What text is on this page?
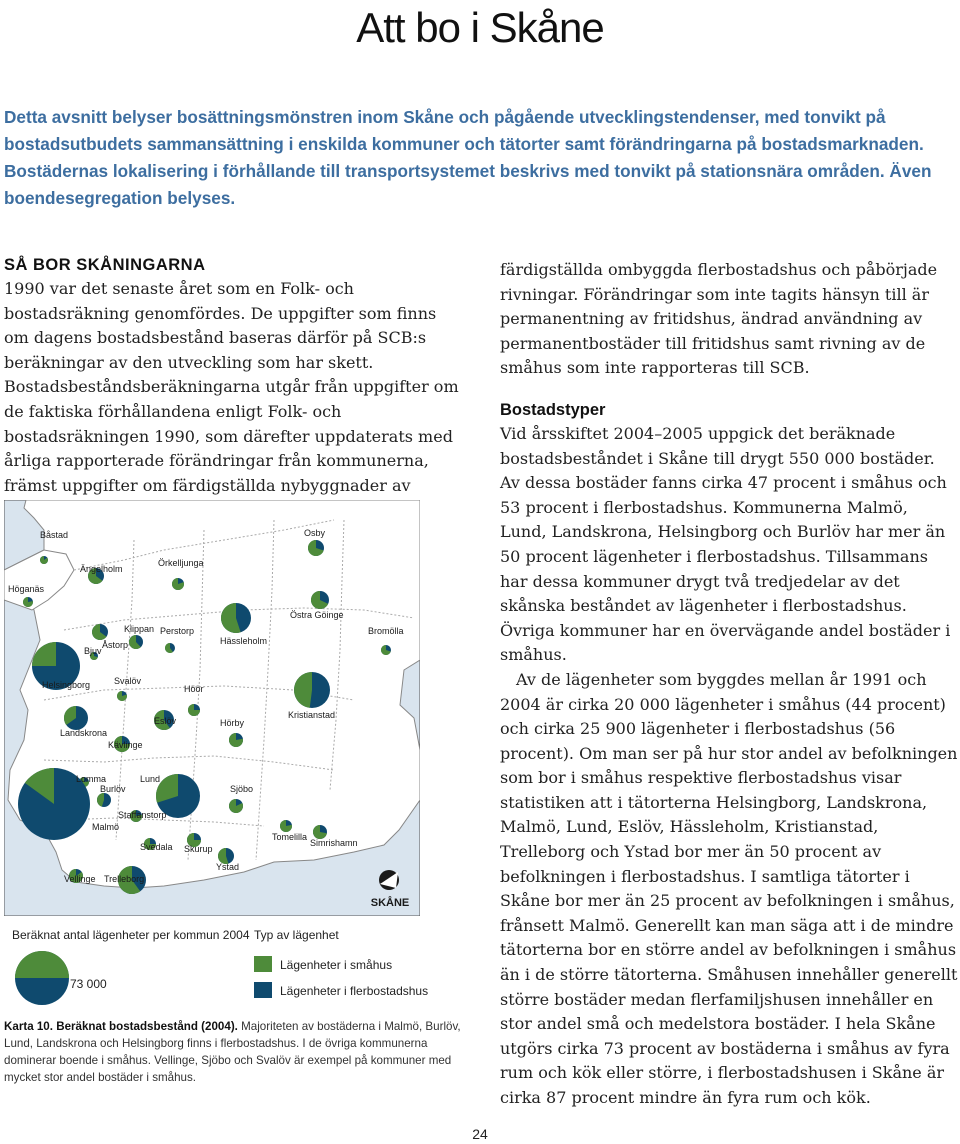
Att bo i Skåne

Detta avsnitt belyser bosättningsmönstren inom Skåne och pågående utvecklingstendenser, med tonvikt på bostadsutbudets sammansättning i enskilda kommuner och tätorter samt förändringarna på bostadsmarknaden. Bostädernas lokalisering i förhållande till transportsystemet beskrivs med tonvikt på stationsnära områden. Även boendesegregation belyses.

SÅ BOR SKÅNINGARNA

1990 var det senaste året som en Folk- och bostadsräkning genomfördes. De uppgifter som finns om dagens bostadsbestånd baseras därför på SCB:s beräkningar av den utveckling som har skett. Bostadsbeståndsberäkningarna utgår från uppgifter om de faktiska förhållandena enligt Folk- och bostadsräkningen 1990, som därefter uppdaterats med årliga rapporterade förändringar från kommunerna, främst uppgifter om färdigställda nybyggnader av

färdigställda ombyggda flerbostadshus och påbörjade rivningar. Förändringar som inte tagits hänsyn till är permanentning av fritidshus, ändrad användning av permanentbostäder till fritidshus samt rivning av de småhus som inte rapporteras till SCB.

Bostadstyper

Vid årsskiftet 2004–2005 uppgick det beräknade bostadsbeståndet i Skåne till drygt 550 000 bostäder. Av dessa bostäder fanns cirka 47 procent i småhus och 53 procent i flerbostadshus. Kommunerna Malmö, Lund, Landskrona, Helsingborg och Burlöv har mer än 50 procent lägenheter i flerbostadshus. Tillsammans har dessa kommuner drygt två tredjedelar av det skånska beståndet av lägenheter i flerbostadshus. Övriga kommuner har en övervägande andel bostäder i småhus.

Av de lägenheter som byggdes mellan år 1991 och 2004 är cirka 20 000 lägenheter i småhus (44 procent) och cirka 25 900 lägenheter i flerbostadshus (56 procent). Om man ser på hur stor andel av befolkningen som bor i småhus respektive flerbostadshus visar statistiken att i tätorterna Helsingborg, Landskrona, Malmö, Lund, Eslöv, Hässleholm, Kristianstad, Trelleborg och Ystad bor mer än 50 procent av befolkningen i flerbostadshus. I samtliga tätorter i Skåne bor mer än 25 procent av befolkningen i småhus, frånsett Malmö. Generellt kan man säga att i de mindre tätorterna bor en större andel av befolkningen i småhus än i de större tätorterna. Småhusen innehåller generellt större bostäder medan flerfamiljshusen innehåller en stor andel små och medelstora bostäder. I hela Skåne utgörs cirka 73 procent av bostäderna i småhus av fyra rum och kök eller större, i flerbostadshusen i Skåne är cirka 87 procent mindre än fyra rum och kök.

Båstad
Ängelholm
Örkelljunga
Osby
Höganäs
Östra Göinge
Klippan Perstorp
Åstorp	Hässleholm
Bromölla
Bjuv
Helsingborg	Svalöv
Höör
Kristianstad
Eslöv	Hörby
Landskrona
Kävlinge
Lund
Lomma
Burlöv	Sjöbo
Staffanstorp
Malmö
Tomelilla
Simrishamn
Svedala Skurup
Ystad
Vellinge Trelleborg
SKÅNE
Beräknat antal lägenheter per kommun 2004
73 000
Typ av lägenhet
Lägenheter i småhus
Lägenheter i flerbostadshus

Karta 10. Beräknat bostadsbestånd (2004). Majoriteten av bostäderna i Malmö, Burlöv, Lund, Landskrona och Helsingborg finns i flerbostadshus. I de övriga kommunerna dominerar boende i småhus. Vellinge, Sjöbo och Svalöv är exempel på kommuner med mycket stor andel bostäder i småhus.

24
